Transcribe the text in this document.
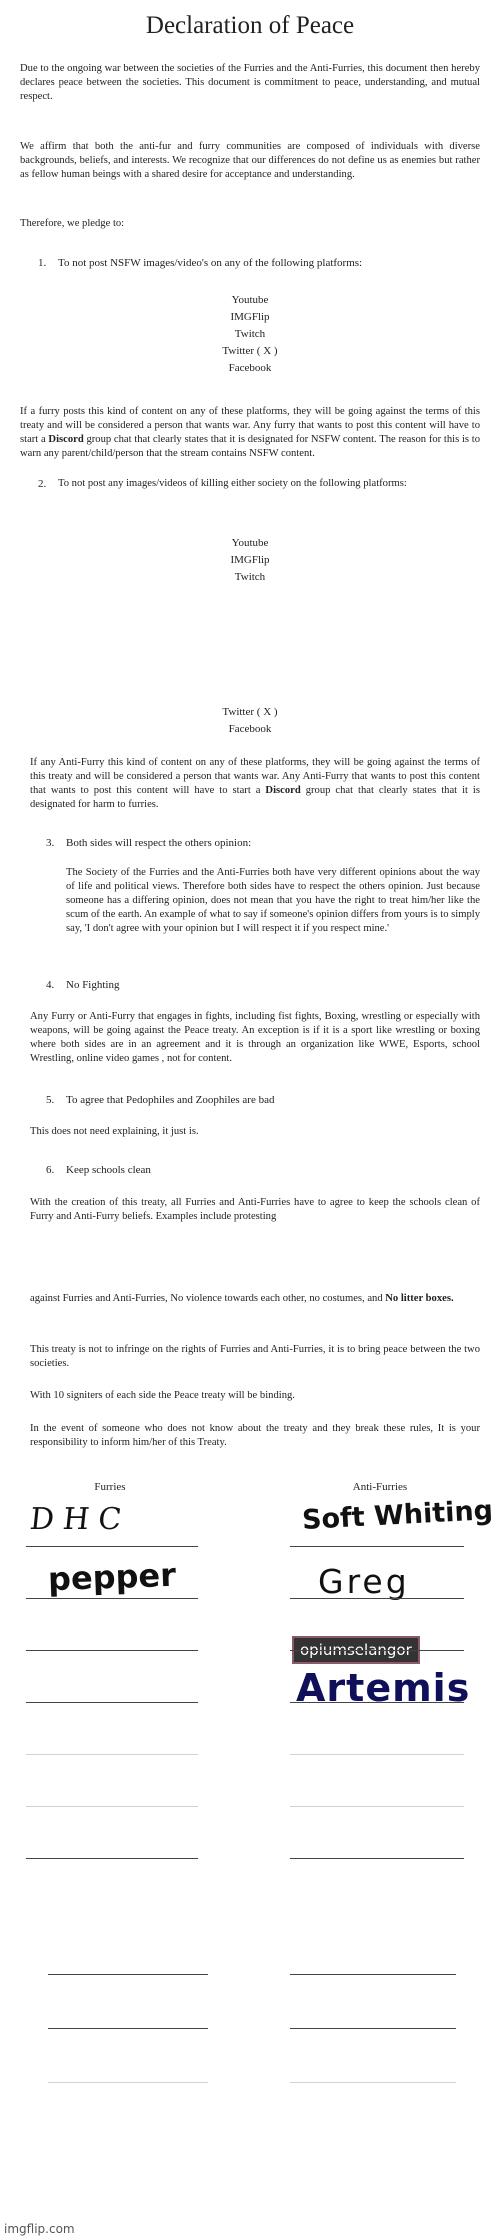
Declaration of Peace
Due to the ongoing war between the societies of the Furries and the Anti-Furries, this document then hereby declares peace between the societies. This document is commitment to peace, understanding, and mutual respect.
We affirm that both the anti-fur and furry communities are composed of individuals with diverse backgrounds, beliefs, and interests. We recognize that our differences do not define us as enemies but rather as fellow human beings with a shared desire for acceptance and understanding.
Therefore, we pledge to:
1. To not post NSFW images/video's on any of the following platforms:
Youtube
IMGFlip
Twitch
Twitter ( X )
Facebook
If a furry posts this kind of content on any of these platforms, they will be going against the terms of this treaty and will be considered a person that wants war. Any furry that wants to post this content will have to start a Discord group chat that clearly states that it is designated for NSFW content. The reason for this is to warn any parent/child/person that the stream contains NSFW content.
2. To not post any images/videos of killing either society on the following platforms:
Youtube
IMGFlip
Twitch
Twitter ( X )
Facebook
If any Anti-Furry this kind of content on any of these platforms, they will be going against the terms of this treaty and will be considered a person that wants war. Any Anti-Furry that wants to post this content that wants to post this content will have to start a Discord group chat that clearly states that it is designated for harm to furries.
3. Both sides will respect the others opinion:
The Society of the Furries and the Anti-Furries both have very different opinions about the way of life and political views. Therefore both sides have to respect the others opinion. Just because someone has a differing opinion, does not mean that you have the right to treat him/her like the scum of the earth. An example of what to say if someone's opinion differs from yours is to simply say, 'I don't agree with your opinion but I will respect it if you respect mine.'
4. No Fighting
Any Furry or Anti-Furry that engages in fights, including fist fights, Boxing, wrestling or especially with weapons, will be going against the Peace treaty. An exception is if it is a sport like wrestling or boxing where both sides are in an agreement and it is through an organization like WWE, Esports, school Wrestling, online video games , not for content.
5. To agree that Pedophiles and Zoophiles are bad
This does not need explaining, it just is.
6. Keep schools clean
With the creation of this treaty, all Furries and Anti-Furries have to agree to keep the schools clean of Furry and Anti-Furry beliefs. Examples include protesting
against Furries and Anti-Furries, No violence towards each other, no costumes, and No litter boxes.
This treaty is not to infringe on the rights of Furries and Anti-Furries, it is to bring peace between the two societies.
With 10 signiters of each side the Peace treaty will be binding.
In the event of someone who does not know about the treaty and they break these rules, It is your responsibility to inform him/her of this Treaty.
Furries	Anti-Furries
DHC
pepper
Soft Whiting
Greg
opiumselangor
Artemis
imgflip.com
